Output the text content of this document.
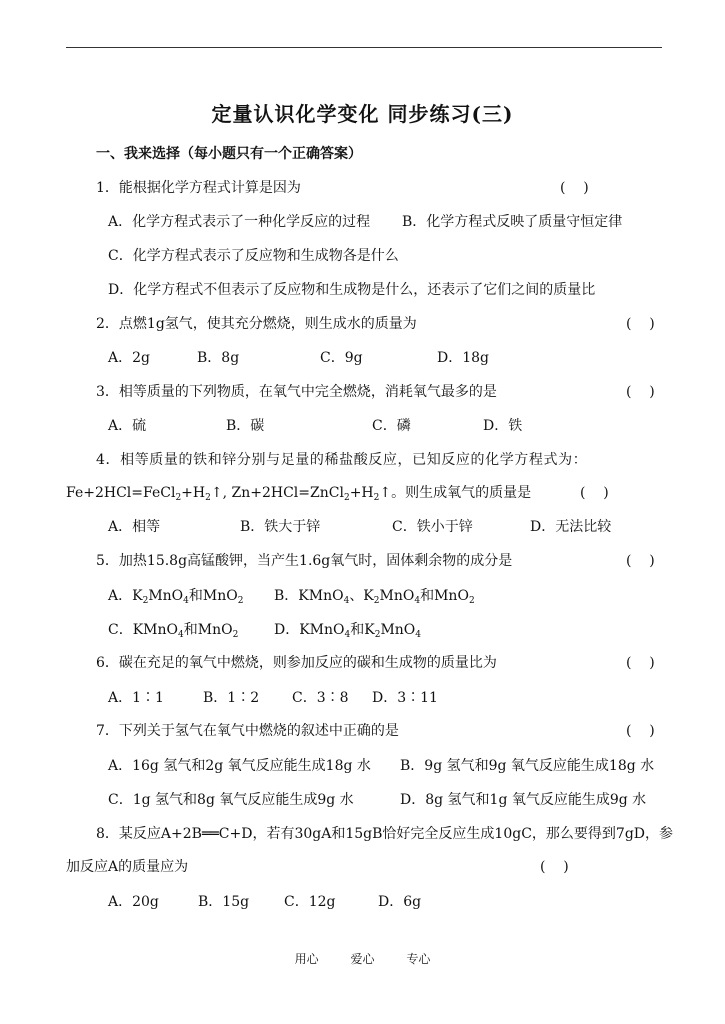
定量认识化学变化 同步练习(三)
一、我来选择（每小题只有一个正确答案）
1．能根据化学方程式计算是因为	(    )
A．化学方程式表示了一种化学反应的过程 B．化学方程式反映了质量守恒定律
C．化学方程式表示了反应物和生成物各是什么
D．化学方程式不但表示了反应物和生成物是什么，还表示了它们之间的质量比
2．点燃1g氢气，使其充分燃烧，则生成水的质量为	(    )
A．2g	B．8g	C．9g	D．18g
3．相等质量的下列物质，在氧气中完全燃烧，消耗氧气最多的是	(    )
A．硫	B．碳	C．磷	D．铁
4．相等质量的铁和锌分别与足量的稀盐酸反应，已知反应的化学方程式为：
$Fe+2HCl=FeCl_2+H_2↑$, $Zn+2HCl=ZnCl_2+H_2↑$。则生成氧气的质量是	(    )
A．相等	B．铁大于锌	C．铁小于锌	D．无法比较
5．加热15.8g高锰酸钾，当产生1.6g氧气时，固体剩余物的成分是	(    )
A．$K_2MnO_4$和MnO$_2$ B．KMnO$_4$、$K_2MnO_4$和MnO$_2$
C．KMnO$_4$和MnO$_2$	D．KMnO$_4$和$K_2MnO_4$
6．碳在充足的氧气中燃烧，则参加反应的碳和生成物的质量比为	(    )
A．1∶1	B．1∶2 C．3∶8 D．3∶11
7．下列关于氢气在氧气中燃烧的叙述中正确的是	(    )
A．16g 氢气和2g 氧气反应能生成18g 水 B．9g 氢气和9g 氧气反应能生成18g 水
C．1g 氢气和8g 氧气反应能生成9g 水	D．8g 氢气和1g 氧气反应能生成9g 水
8．某反应A+2B══C+D，若有30gA和15gB恰好完全反应生成10gC，那么要得到7gD，参
加反应A的质量应为	(    )
A．20g	B．15g C．12g	D．6g
用心	爱心	专心
